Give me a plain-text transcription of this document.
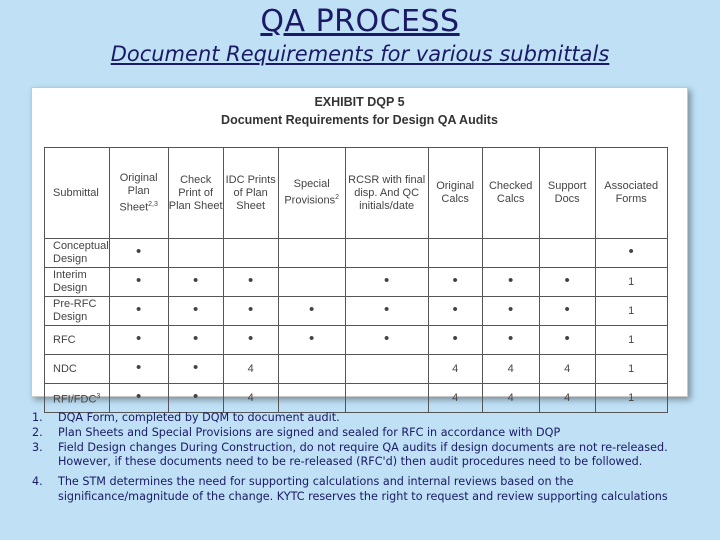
QA PROCESS
Document Requirements for various submittals
EXHIBIT DQP 5
Document Requirements for Design QA Audits
Submittal	Original Plan Sheet$^{2,3}$	Check Print of Plan Sheet	IDC Prints of Plan Sheet	Special Provisions$^2$	RCSR with final disp. And QC initials/date	Original Calcs	Checked Calcs	Support Docs	Associated Forms
Conceptual Design	•								•
Interim Design	•	•	•		•	•	•	•	1
Pre-RFC Design	•	•	•	•	•	•	•	•	1
RFC	•	•	•	•	•	•	•	•	1
NDC	•	•	4			4	4	4	1
RFI/FDC$^3$	•	•	4			4	4	4	1
1. DQA Form, completed by DQM to document audit.
2. Plan Sheets and Special Provisions are signed and sealed for RFC in accordance with DQP
3. Field Design changes During Construction, do not require QA audits if design documents are not re-released. However, if these documents need to be re-released (RFC'd) then audit procedures need to be followed.
4. The STM determines the need for supporting calculations and internal reviews based on the significance/magnitude of the change. KYTC reserves the right to request and review supporting calculations
